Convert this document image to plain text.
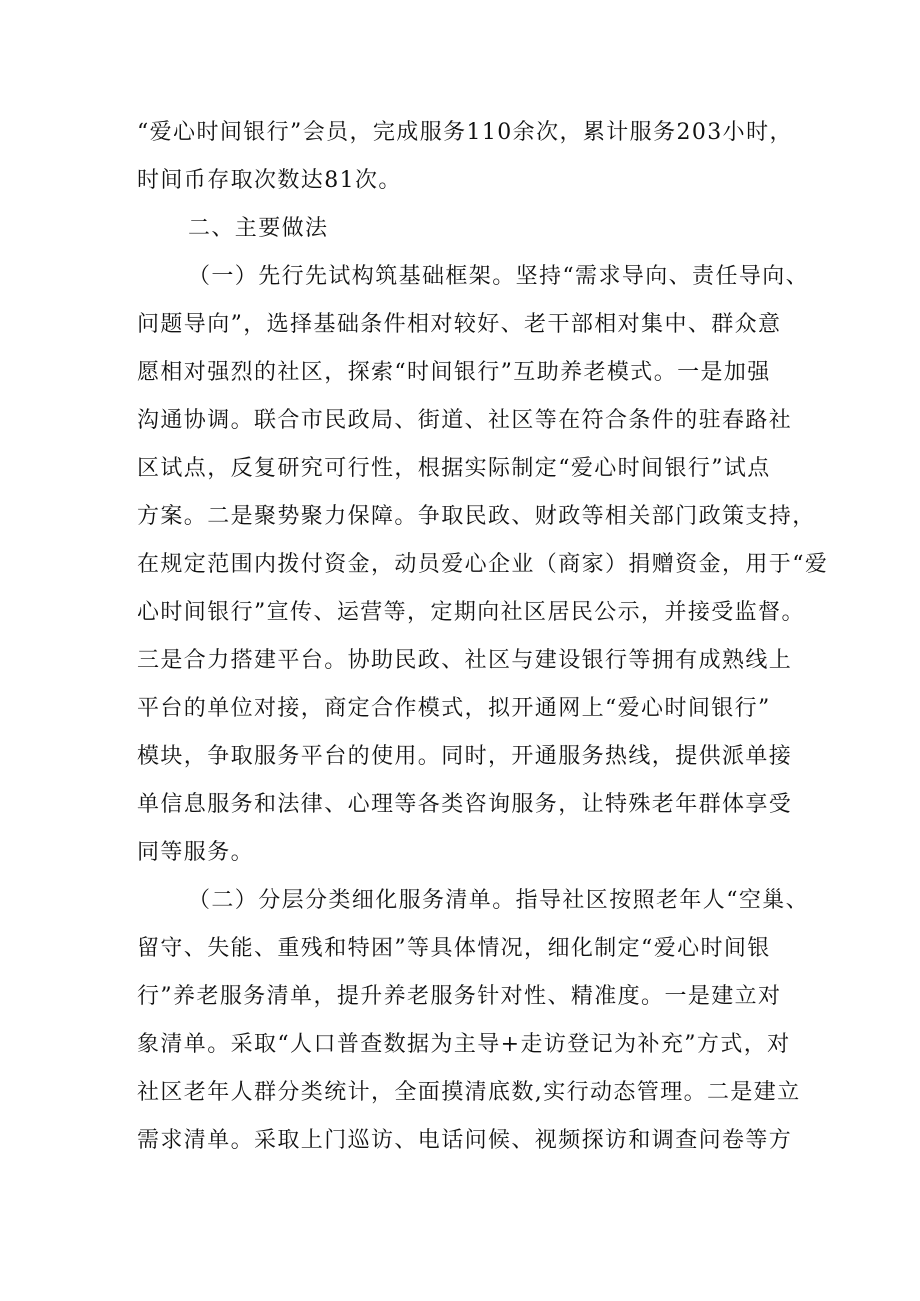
“爱心时间银行”会员，完成服务110余次，累计服务203小时，
时间币存取次数达81次。
二、主要做法
（一）先行先试构筑基础框架。坚持“需求导向、责任导向、
问题导向”，选择基础条件相对较好、老干部相对集中、群众意
愿相对强烈的社区，探索“时间银行”互助养老模式。一是加强
沟通协调。联合市民政局、街道、社区等在符合条件的驻春路社
区试点，反复研究可行性，根据实际制定“爱心时间银行”试点
方案。二是聚势聚力保障。争取民政、财政等相关部门政策支持，
在规定范围内拨付资金，动员爱心企业（商家）捐赠资金，用于“爱
心时间银行”宣传、运营等，定期向社区居民公示，并接受监督。
三是合力搭建平台。协助民政、社区与建设银行等拥有成熟线上
平台的单位对接，商定合作模式，拟开通网上“爱心时间银行”
模块，争取服务平台的使用。同时，开通服务热线，提供派单接
单信息服务和法律、心理等各类咨询服务，让特殊老年群体享受
同等服务。
（二）分层分类细化服务清单。指导社区按照老年人“空巢、
留守、失能、重残和特困”等具体情况，细化制定“爱心时间银
行”养老服务清单，提升养老服务针对性、精准度。一是建立对
象清单。采取“人口普查数据为主导+走访登记为补充”方式，对
社区老年人群分类统计，全面摸清底数,实行动态管理。二是建立
需求清单。采取上门巡访、电话问候、视频探访和调查问卷等方
